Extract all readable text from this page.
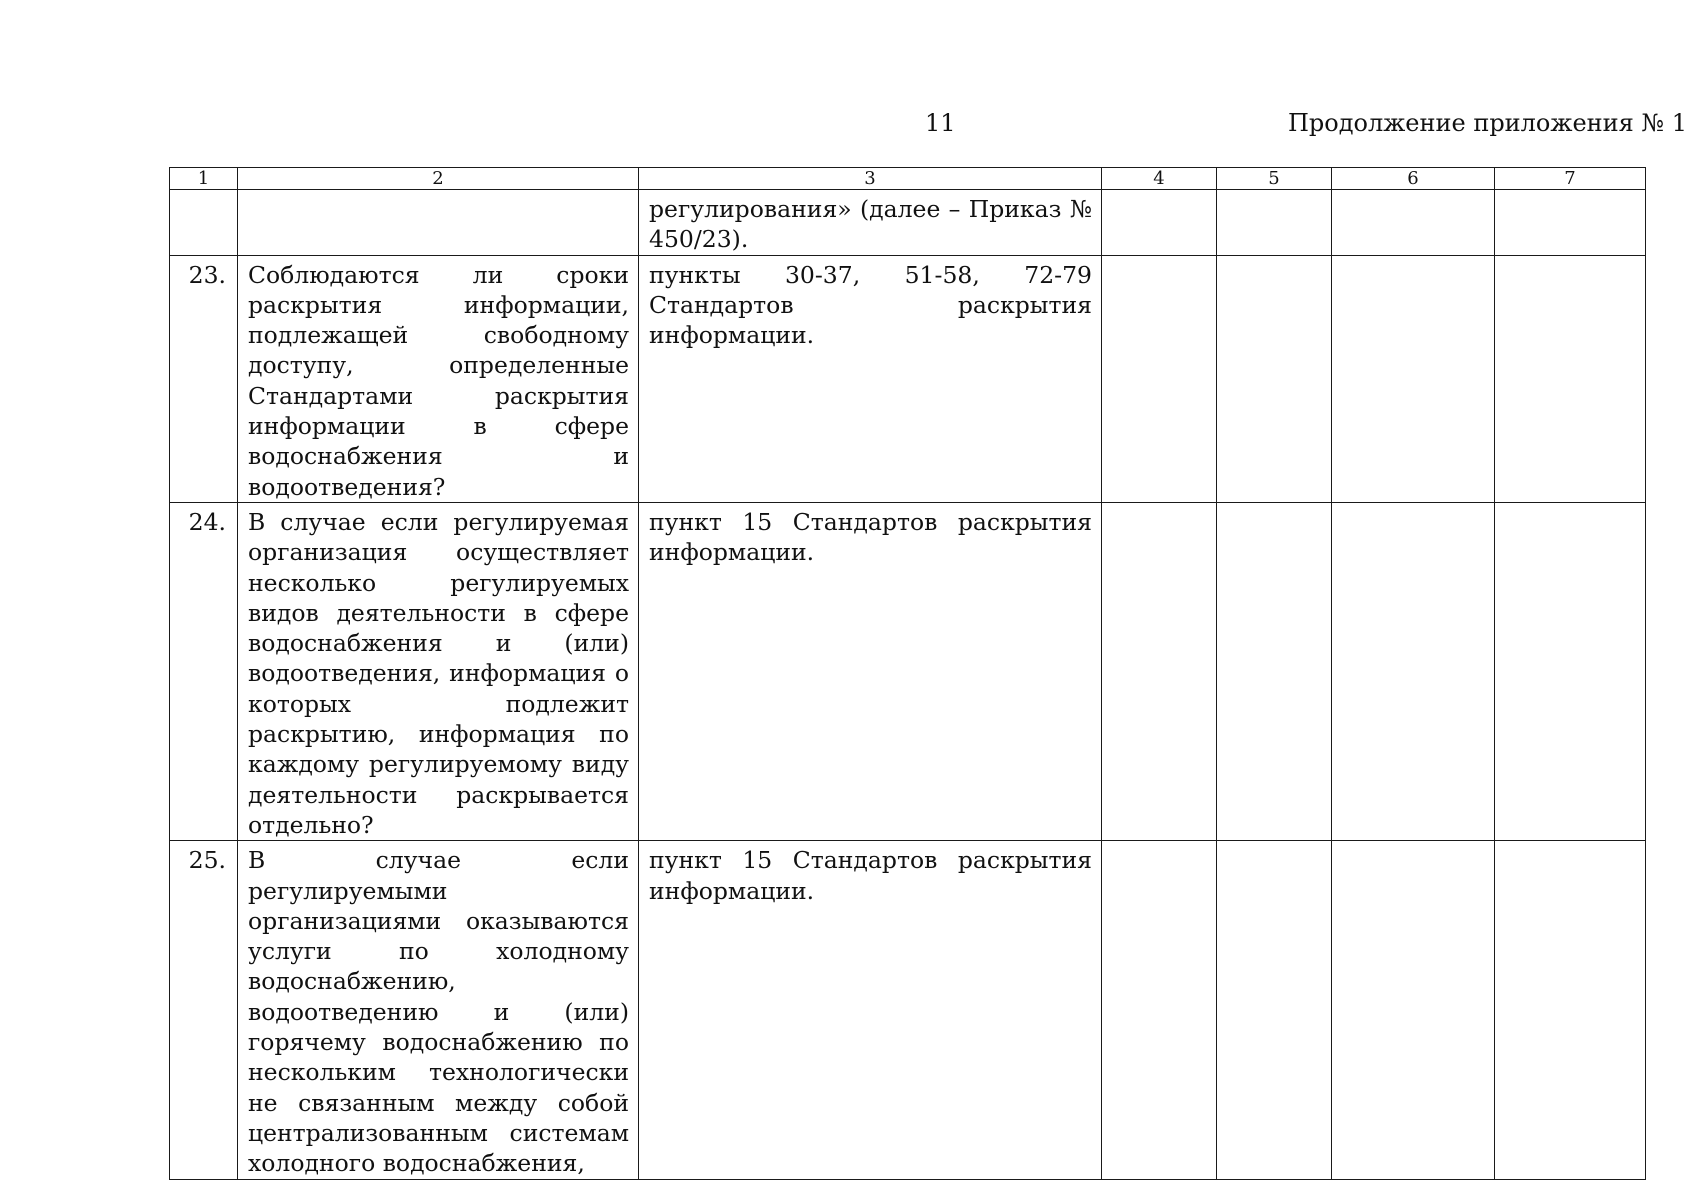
11	Продолжение приложения № 1
1	2	3	4	5	6	7
		регулирования» (далее – Приказ № 450/23).				
23.	Соблюдаются ли сроки раскрытия информации, подлежащей свободному доступу, определенные Стандартами раскрытия информации в сфере водоснабжения и водоотведения?	пункты 30-37, 51-58, 72-79 Стандартов раскрытия информации.				
24.	В случае если регулируемая организация осуществляет несколько регулируемых видов деятельности в сфере водоснабжения и (или) водоотведения, информация о которых подлежит раскрытию, информация по каждому регулируемому виду деятельности раскрывается отдельно?	пункт 15 Стандартов раскрытия информации.				
25.	В случае если регулируемыми организациями оказываются услуги по холодному водоснабжению, водоотведению и (или) горячему водоснабжению по нескольким технологически не связанным между собой централизованным системам холодного водоснабжения,	пункт 15 Стандартов раскрытия информации.				
